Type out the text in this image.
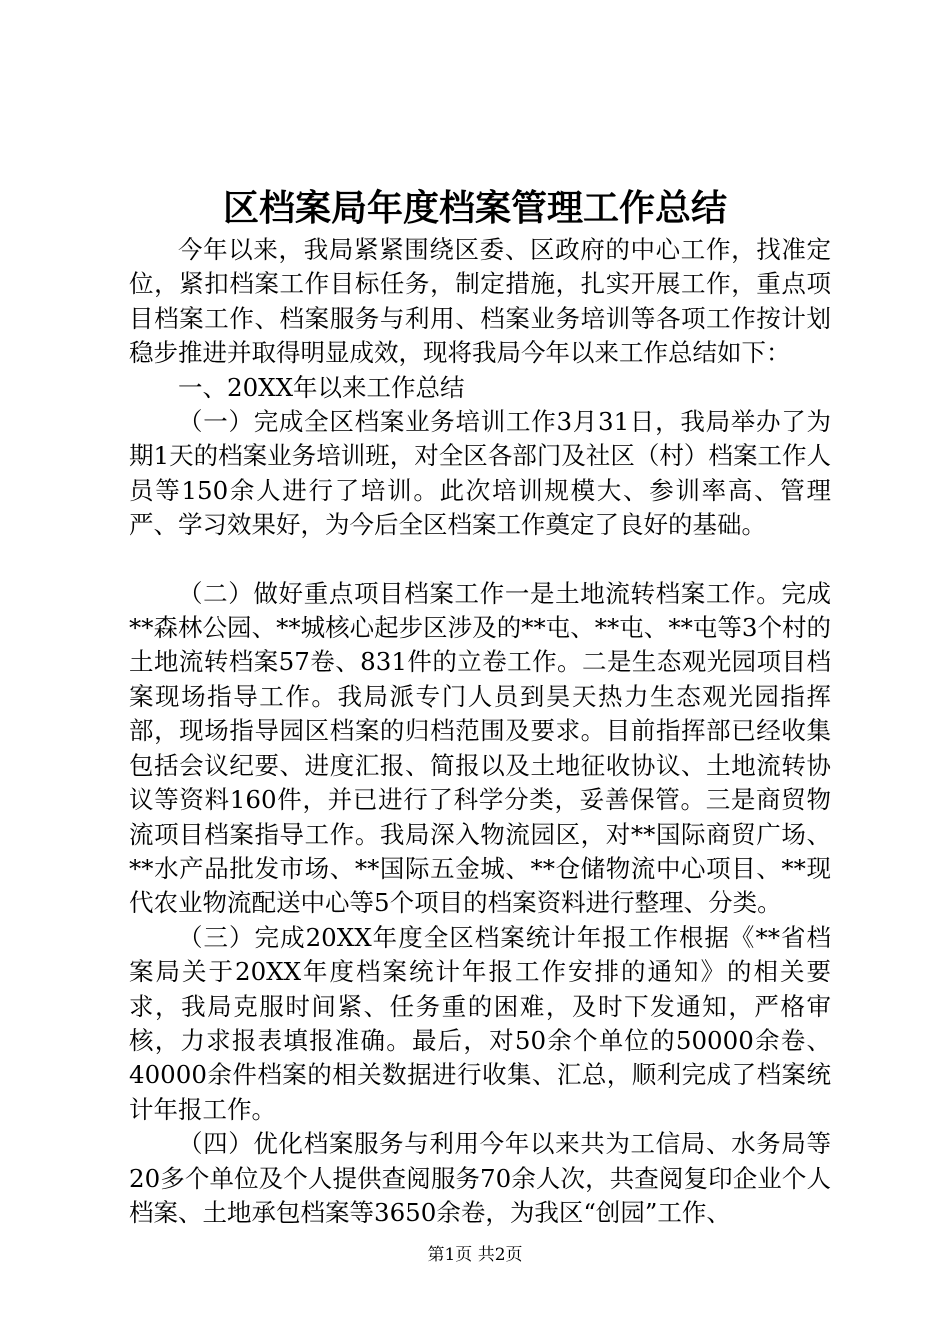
区档案局年度档案管理工作总结

今年以来，我局紧紧围绕区委、区政府的中心工作，找准定位，紧扣档案工作目标任务，制定措施，扎实开展工作，重点项目档案工作、档案服务与利用、档案业务培训等各项工作按计划稳步推进并取得明显成效，现将我局今年以来工作总结如下：

一、20XX年以来工作总结

（一）完成全区档案业务培训工作3月31日，我局举办了为期1天的档案业务培训班，对全区各部门及社区（村）档案工作人员等150余人进行了培训。此次培训规模大、参训率高、管理严、学习效果好，为今后全区档案工作奠定了良好的基础。

（二）做好重点项目档案工作一是土地流转档案工作。完成**森林公园、**城核心起步区涉及的**屯、**屯、**屯等3个村的土地流转档案57卷、831件的立卷工作。二是生态观光园项目档案现场指导工作。我局派专门人员到昊天热力生态观光园指挥部，现场指导园区档案的归档范围及要求。目前指挥部已经收集包括会议纪要、进度汇报、简报以及土地征收协议、土地流转协议等资料160件，并已进行了科学分类，妥善保管。三是商贸物流项目档案指导工作。我局深入物流园区，对**国际商贸广场、**水产品批发市场、**国际五金城、**仓储物流中心项目、**现代农业物流配送中心等5个项目的档案资料进行整理、分类。

（三）完成20XX年度全区档案统计年报工作根据《**省档案局关于20XX年度档案统计年报工作安排的通知》的相关要求，我局克服时间紧、任务重的困难，及时下发通知，严格审核，力求报表填报准确。最后，对50余个单位的50000余卷、40000余件档案的相关数据进行收集、汇总，顺利完成了档案统计年报工作。

（四）优化档案服务与利用今年以来共为工信局、水务局等20多个单位及个人提供查阅服务70余人次，共查阅复印企业个人档案、土地承包档案等3650余卷，为我区“创园”工作、

第1页 共2页
